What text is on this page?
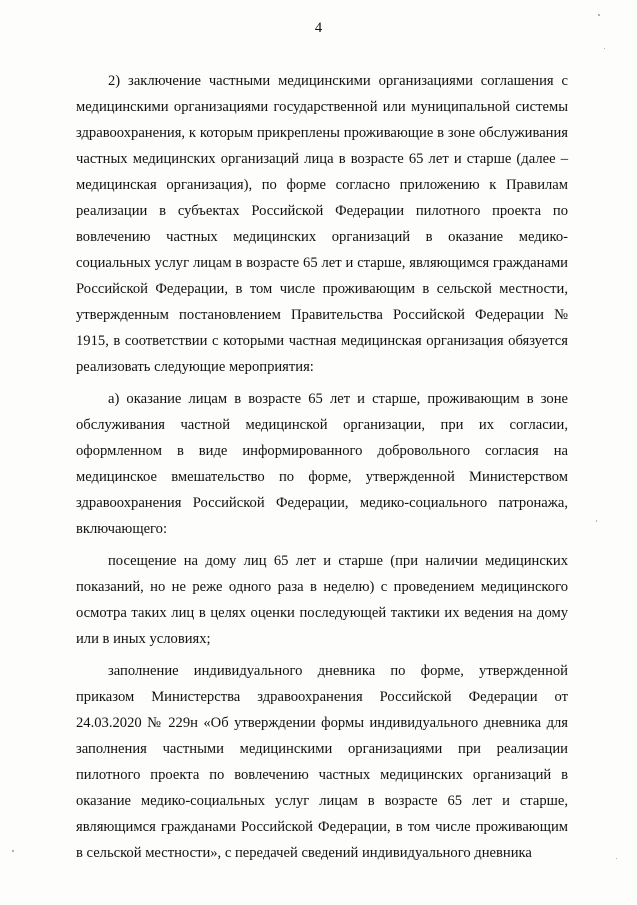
4

2) заключение частными медицинскими организациями соглашения с медицинскими организациями государственной или муниципальной системы здравоохранения, к которым прикреплены проживающие в зоне обслуживания частных медицинских организаций лица в возрасте 65 лет и старше (далее – медицинская организация), по форме согласно приложению к Правилам реализации в субъектах Российской Федерации пилотного проекта по вовлечению частных медицинских организаций в оказание медико-социальных услуг лицам в возрасте 65 лет и старше, являющимся гражданами Российской Федерации, в том числе проживающим в сельской местности, утвержденным постановлением Правительства Российской Федерации № 1915, в соответствии с которыми частная медицинская организация обязуется реализовать следующие мероприятия:

а) оказание лицам в возрасте 65 лет и старше, проживающим в зоне обслуживания частной медицинской организации, при их согласии, оформленном в виде информированного добровольного согласия на медицинское вмешательство по форме, утвержденной Министерством здравоохранения Российской Федерации, медико-социального патронажа, включающего:

посещение на дому лиц 65 лет и старше (при наличии медицинских показаний, но не реже одного раза в неделю) с проведением медицинского осмотра таких лиц в целях оценки последующей тактики их ведения на дому или в иных условиях;

заполнение индивидуального дневника по форме, утвержденной приказом Министерства здравоохранения Российской Федерации от 24.03.2020 № 229н «Об утверждении формы индивидуального дневника для заполнения частными медицинскими организациями при реализации пилотного проекта по вовлечению частных медицинских организаций в оказание медико-социальных услуг лицам в возрасте 65 лет и старше, являющимся гражданами Российской Федерации, в том числе проживающим в сельской местности», с передачей сведений индивидуального дневника
